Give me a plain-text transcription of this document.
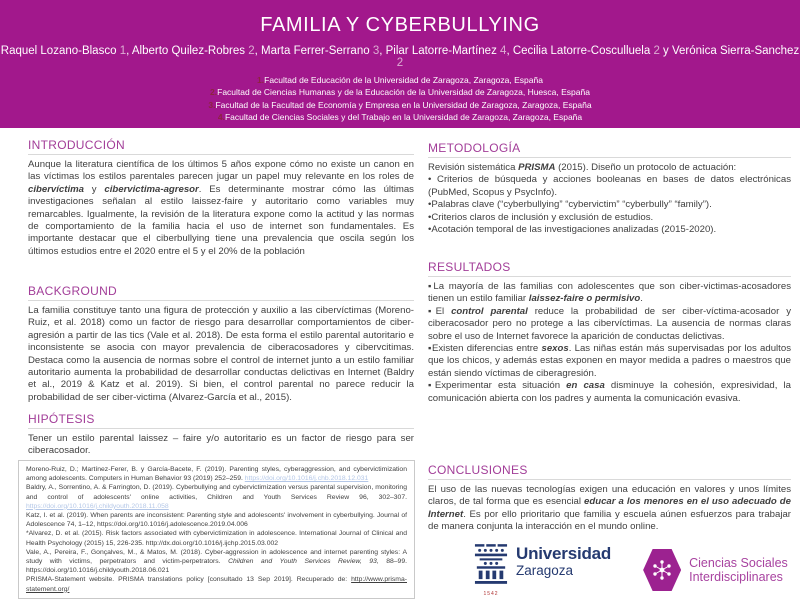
FAMILIA Y CYBERBULLYING
Raquel Lozano-Blasco 1, Alberto Quilez-Robres 2, Marta Ferrer-Serrano 3, Pilar Latorre-Martínez 4, Cecilia Latorre-Cosculluela 2 y Verónica Sierra-Sanchez 2
1.Facultad de Educación de la Universidad de Zaragoza, Zaragoza, España
2.Facultad de Ciencias Humanas y de la Educación de la Universidad de Zaragoza, Huesca, España
3.Facultad de la Facultad de Economía y Empresa en la Universidad de Zaragoza, Zaragoza, España
4.Facultad de Ciencias Sociales y del Trabajo en la Universidad de Zaragoza, Zaragoza, España
INTRODUCCIÓN

Aunque la literatura científica de los últimos 5 años expone cómo no existe un canon en las víctimas los estilos parentales parecen jugar un papel muy relevante en los roles de cibervíctima y cibervictima-agresor. Es determinante mostrar cómo las últimas investigaciones señalan al estilo laissez-faire y autoritario como variables muy remarcables. Igualmente, la revisión de la literatura expone como la actitud y las normas de comportamiento de la familia hacia el uso de internet son fundamentales. Es importante destacar que el ciberbullying tiene una prevalencia que oscila según los últimos estudios entre el 2020 entre el 5 y el 20% de la población

BACKGROUND

La familia constituye tanto una figura de protección y auxilio a las cibervíctimas (Moreno-Ruiz, et al. 2018) como un factor de riesgo para desarrollar comportamientos de ciber-agresión a partir de las tics (Vale et al. 2018). De esta forma el estilo parental autoritario e inconsistente se asocia con mayor prevalencia de ciberacosadores y cibervcitimas. Destaca como la ausencia de normas sobre el control de internet junto a un estilo familiar autoritario aumenta la probabilidad de desarrollar conductas delictivas en Internet (Baldry et al., 2019 & Katz et al. 2019). Si bien, el control parental no parece reducir la probabilidad de ser ciber-victima (Alvarez-García et al., 2015).

HIPÓTESIS

Tener un estilo parental laissez – faire y/o autoritario es un factor de riesgo para ser ciberacosador.

Moreno-Ruiz, D.; Martínez-Ferer, B. y García-Bacete, F. (2019). Parenting styles, cyberaggression, and cybervictimization among adolescents. Computers in Human Behavior 93 (2019) 252–259. https://doi.org/10.1016/j.chb.2018.12.031
Baldry, A., Sorrentino, A. & Farrington, D. (2019). Cyberbullying and cybervictimization versus parental supervision, monitoring and control of adolescents' online activities, Children and Youth Services Review 96, 302–307. https://doi.org/10.1016/j.childyouth.2018.11.058
Katz, I. et al. (2019). When parents are inconsistent: Parenting style and adolescents' involvement in cyberbullying. Journal of Adolescence 74, 1–12, https://doi.org/10.1016/j.adolescence.2019.04.006
*Alvarez, D. et al. (2015). Risk factors associated with cybervictimization in adolescence. International Journal of Clinical and Health Psychology (2015) 15, 226-235. http://dx.doi.org/10.1016/j.ijchp.2015.03.002
Vale, A., Pereira, F., Gonçalves, M., & Matos, M. (2018). Cyber-aggression in adolescence and internet parenting styles: A study with victims, perpetrators and victim-perpetrators. Children and Youth Services Review, 93, 88–99. https://doi.org/10.1016/j.childyouth.2018.06.021
PRISMA-Statement website. PRISMA translations policy [consultado 13 Sep 2019]. Recuperado de: http://www.prisma-statement.org/
METODOLOGÍA

Revisión sistemática PRISMA (2015). Diseño un protocolo de actuación:

• Criterios de búsqueda y acciones booleanas en bases de datos electrónicas (PubMed, Scopus y PsycInfo).

•Palabras clave (“cyberbullying” “cybervictim” “cyberbully” “family”).

•Criterios claros de inclusión y exclusión de estudios.

•Acotación temporal de las investigaciones analizadas (2015-2020).

RESULTADOS

▪La mayoría de las familias con adolescentes que son ciber-victimas-acosadores tienen un estilo familiar laissez-faire o permisivo.

▪El control parental reduce la probabilidad de ser ciber-víctima-acosador y ciberacosador pero no protege a las cibervíctimas. La ausencia de normas claras sobre el uso de Internet favorece la aparición de conductas delictivas.

▪Existen diferencias entre sexos. Las niñas están más supervisadas por los adultos que los chicos, y además estas exponen en mayor medida a padres o maestros que están siendo víctimas de ciberagresión.

▪Experimentar esta situación en casa disminuye la cohesión, expresividad, la comunicación abierta con los padres y aumenta la comunicación evasiva.

CONCLUSIONES

El uso de las nuevas tecnologías exigen una educación en valores y unos límites claros, de tal forma que es esencial educar a los menores en el uso adecuado de Internet. Es por ello prioritario que familia y escuela aúnen esfuerzos para trabajar de manera conjunta la interacción en el mundo online.

1542
Universidad
Zaragoza
Ciencias Sociales
Interdisciplinares
